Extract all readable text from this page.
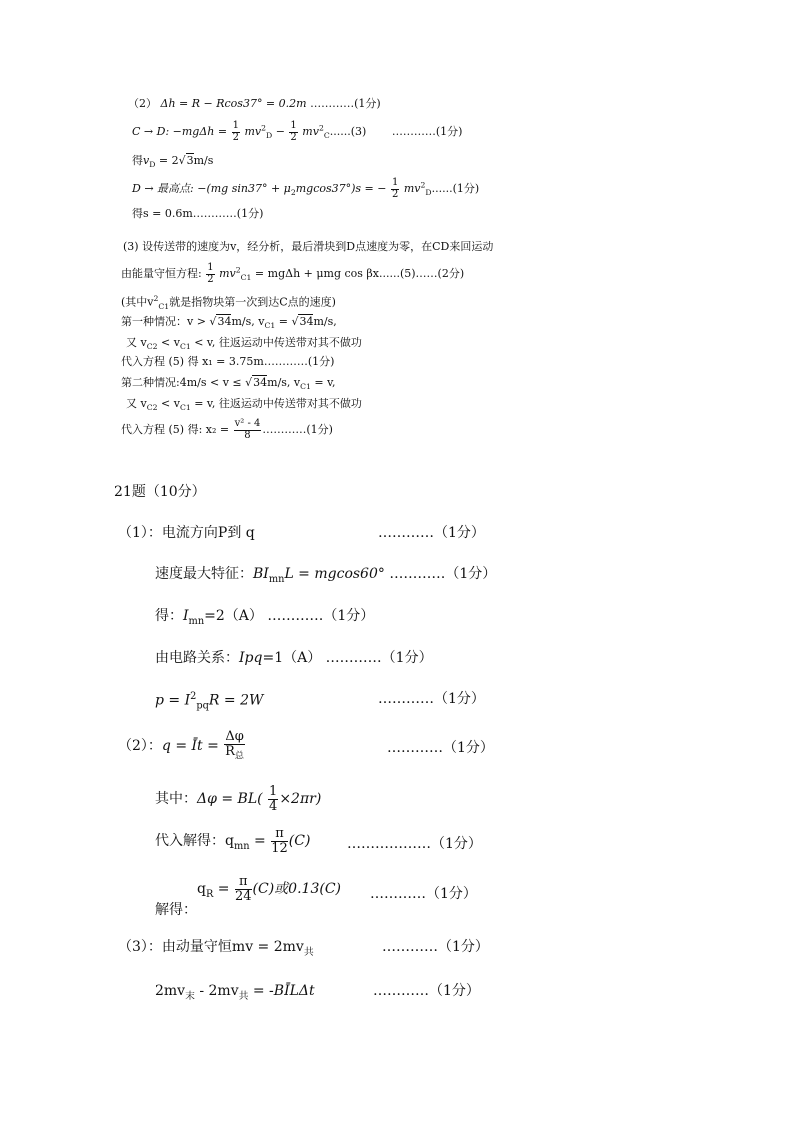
（2） Δh = R − Rcos37° = 0.2m …………(1分)
C → D: $-mg\Delta h = \frac{1}{2} mv^2_D - \frac{1}{2} mv^2_C......(3)$ …………(1分)
得$v_D = 2√3m/s$
D → 最高点: −(mg $\sin 37^\circ + \mu_2mgcos37^\circ)s$ = − $\frac{1}{2} mv^2_D......(1$分)
得s = 0.6m…………(1分)
(3) 设传送带的速度为v，经分析，最后滑块到D点速度为零，在CD来回运动
由能量守恒方程: $\frac{1}{2} mv^2_{C1} = mg\Delta h + \mu mg$ cos βx......(5)……(2分)
(其中$v^2_{C1}$就是指物块第一次到达C点的速度)
第一种情况：v > √34m/s, $v_{C1} = √34m/s$,
又 $v_{C2} < v_{C1} < v$, 往返运动中传送带对其不做功
代入方程 (5) 得 x₁ = 3.75m…………(1分)
第二种情况:4m/s < v ≤ √34m/s, $v_{C1} = v$,
又 $v_{C2} < v_{C1} = v$, 往返运动中传送带对其不做功
代入方程 (5) 得: $x_2 = \frac{\text{v² - 4}}{8}$ …………(1分)
21题（10分）
（1）：电流方向P到 q	…………（1分）
速度最大特征：$BI_{mn}L = mgcos60^\circ$ …………（1分）
得：$I_{mn}=2(A)$ …………（1分）
由电路关系：Ipq=1（A） …………（1分）
$p = I^2_{pq}R = 2W$	…………（1分）
（2）：q = Īt = $\frac{\Delta\varphi}{R_总}$	…………（1分）
其中：$\Delta\varphi = BL( \frac{1}{4} \times 2\pi r)$
代入解得：$q_{mn} = \frac{\pi}{12} (C)$	………………（1分）
$q_R = \frac{\pi}{24} (C)$或0.13(C)
解得：
…………（1分）
（3）：由动量守恒mv = $2mv_共$	…………（1分）
$2mv_末 - 2mv_共$ = -BĪLΔt	…………（1分）
